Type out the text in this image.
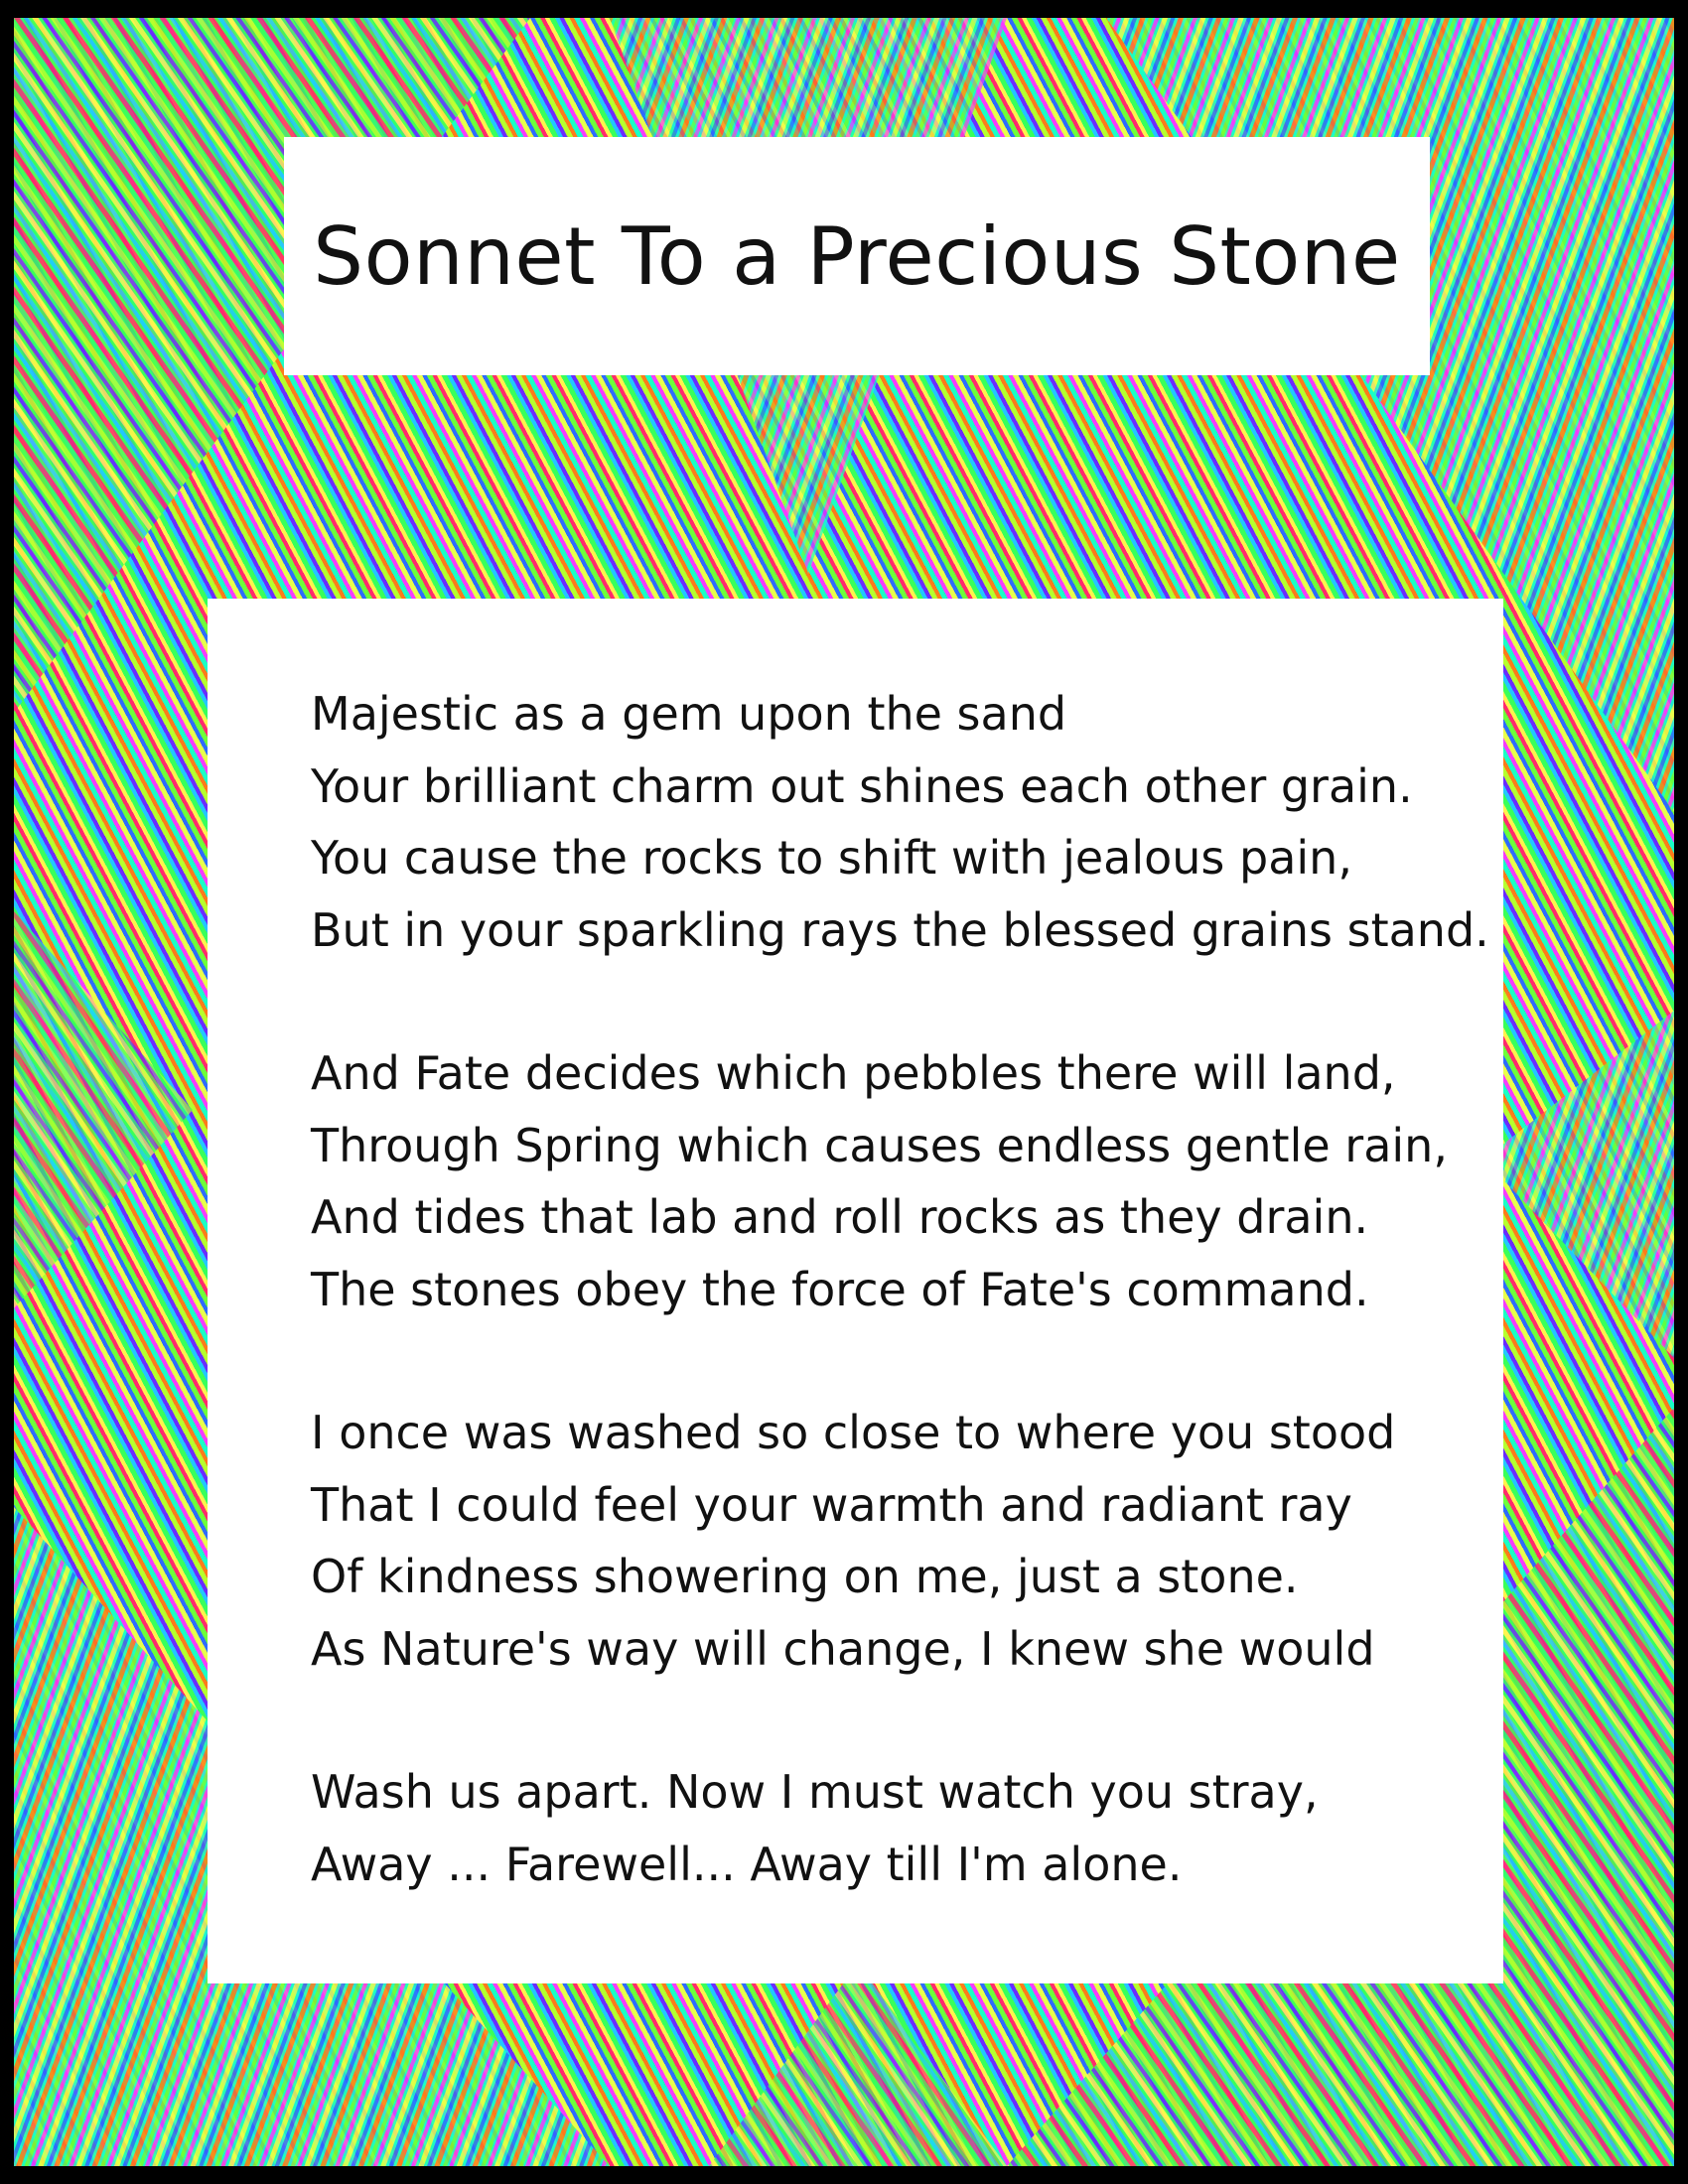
Sonnet To a Precious Stone
Majestic as a gem upon the sand
Your brilliant charm out shines each other grain.
You cause the rocks to shift with jealous pain,
But in your sparkling rays the blessed grains stand.
And Fate decides which pebbles there will land,
Through Spring which causes endless gentle rain,
And tides that lab and roll rocks as they drain.
The stones obey the force of Fate's command.
I once was washed so close to where you stood
That I could feel your warmth and radiant ray
Of kindness showering on me, just a stone.
As Nature's way will change, I knew she would
Wash us apart. Now I must watch you stray,
Away ... Farewell... Away till I'm alone.
